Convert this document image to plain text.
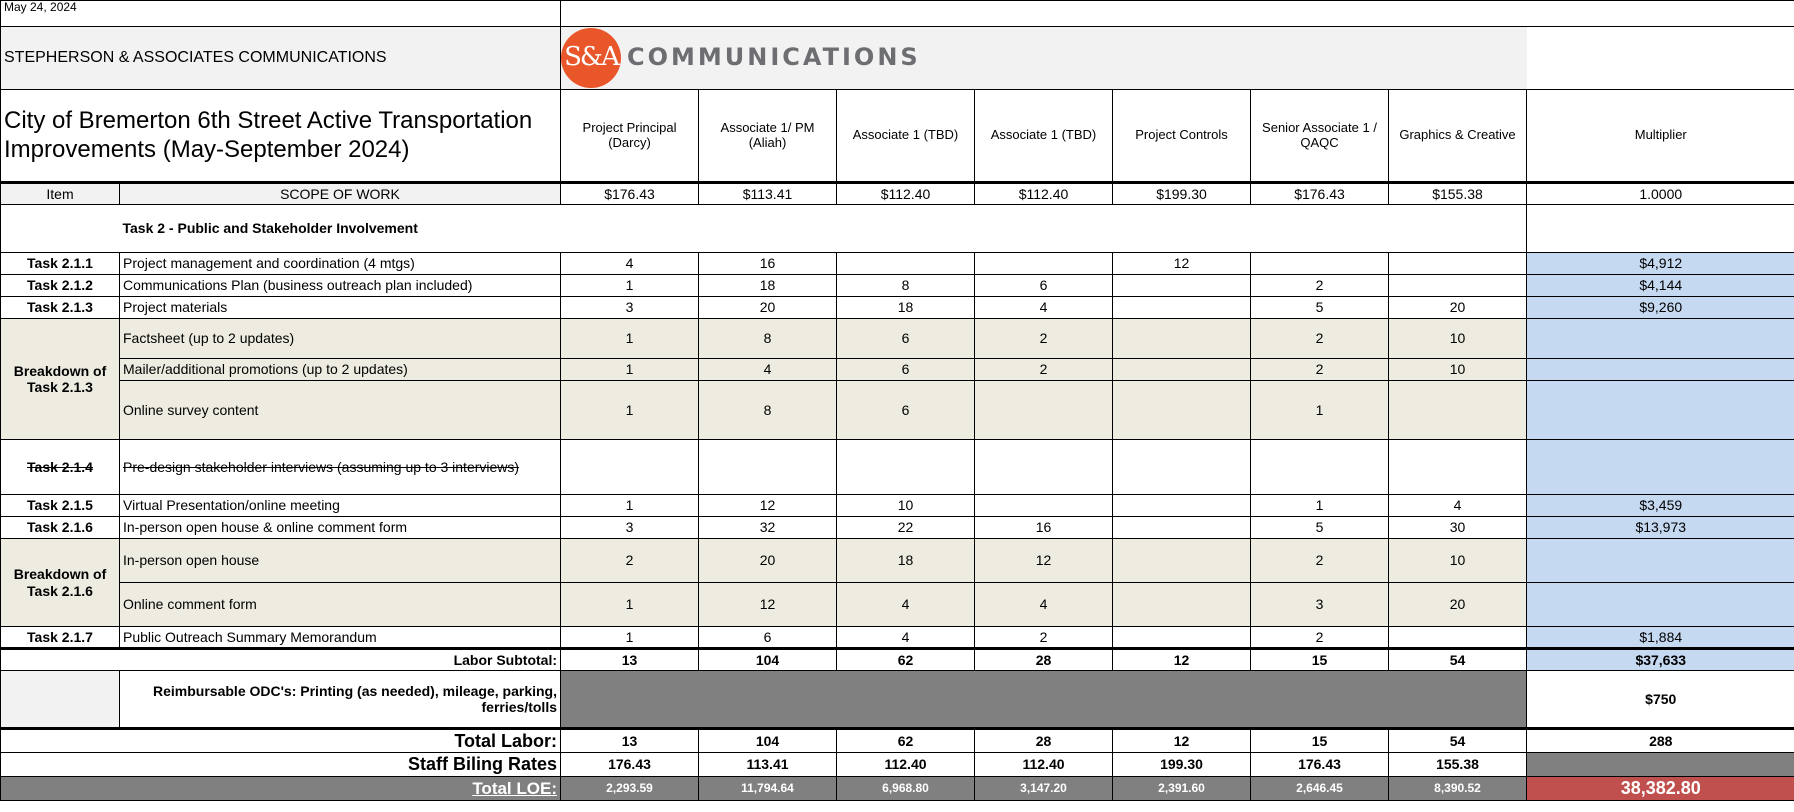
May 24, 2024									
STEPHERSON & ASSOCIATES COMMUNICATIONS		S&A COMMUNICATIONS							

City of Bremerton 6th Street Active Transportation Improvements (May-September 2024)		Project Principal (Darcy)	Associate 1/ PM (Aliah)	Associate 1 (TBD)	Associate 1 (TBD)	Project Controls	Senior Associate 1 / QAQC	Graphics & Creative	Multiplier
Item	SCOPE OF WORK	$176.43	$113.41	$112.40	$112.40	$199.30	$176.43	$155.38	1.0000
	Task 2 - Public and Stakeholder Involvement								
Task 2.1.1	Project management and coordination (4 mtgs)	4	16			12			$4,912
Task 2.1.2	Communications Plan (business outreach plan included)	1	18	8	6		2		$4,144
Task 2.1.3	Project materials	3	20	18	4		5	20	$9,260
Breakdown of Task 2.1.3	Factsheet (up to 2 updates)	1	8	6	2		2	10	
	Mailer/additional promotions (up to 2 updates)	1	4	6	2		2	10	
	Online survey content	1	8	6			1		
Task 2.1.4	Pre-design stakeholder interviews (assuming up to 3 interviews)								
Task 2.1.5	Virtual Presentation/online meeting	1	12	10			1	4	$3,459
Task 2.1.6	In-person open house & online comment form	3	32	22	16		5	30	$13,973
Breakdown of Task 2.1.6	In-person open house	2	20	18	12		2	10	
	Online comment form	1	12	4	4		3	20	
Task 2.1.7	Public Outreach Summary Memorandum	1	6	4	2		2		$1,884
Labor Subtotal:		13	104	62	28	12	15	54	$37,633
	Reimbursable ODC's: Printing (as needed), mileage, parking, ferries/tolls								$750
Total Labor:		13	104	62	28	12	15	54	288
Staff Biling Rates		176.43	113.41	112.40	112.40	199.30	176.43	155.38	
Total LOE:		2,293.59	11,794.64	6,968.80	3,147.20	2,391.60	2,646.45	8,390.52	38,382.80
